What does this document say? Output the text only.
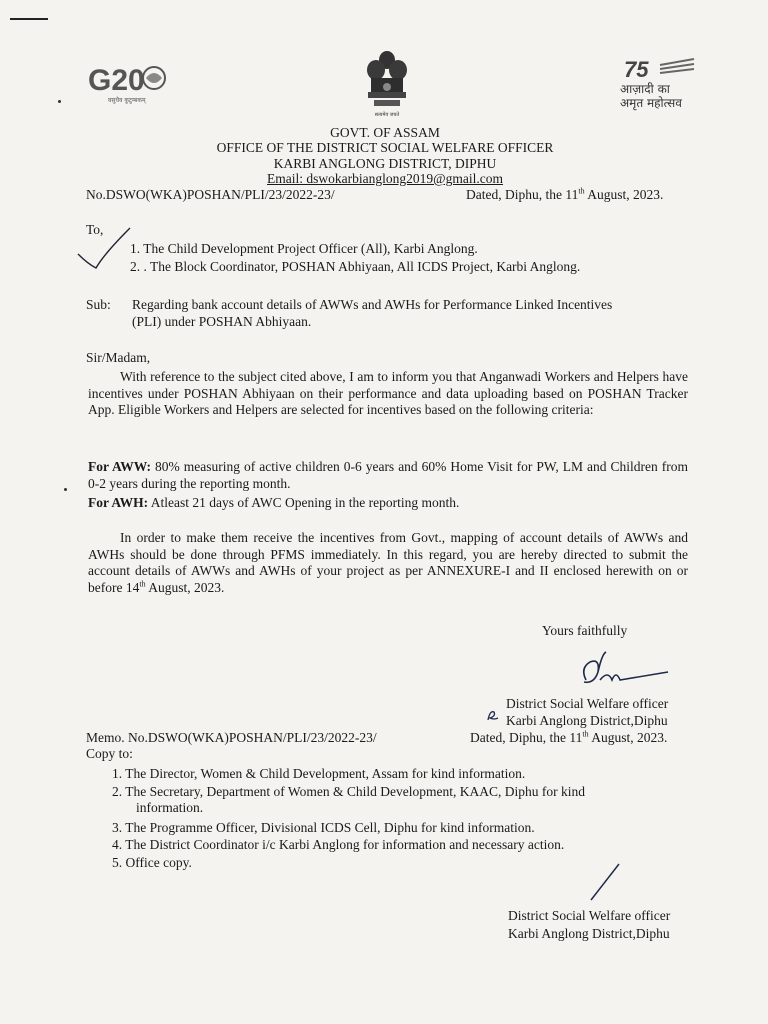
G20
वसुधैव कुटुम्बकम्
सत्यमेव जयते
75
आज़ादी का
अमृत महोत्सव
GOVT. OF ASSAM
OFFICE OF THE DISTRICT SOCIAL WELFARE OFFICER
KARBI ANGLONG DISTRICT, DIPHU
Email: dswokarbianglong2019@gmail.com
No.DSWO(WKA)POSHAN/PLI/23/2022-23/	Dated, Diphu, the 11th August, 2023.
To,
1. The Child Development Project Officer (All), Karbi Anglong.
2. . The Block Coordinator, POSHAN Abhiyaan, All ICDS Project, Karbi Anglong.
Sub: Regarding bank account details of AWWs and AWHs for Performance Linked Incentives
(PLI) under POSHAN Abhiyaan.
Sir/Madam,
With reference to the subject cited above, I am to inform you that Anganwadi Workers and Helpers have incentives under POSHAN Abhiyaan on their performance and data uploading based on POSHAN Tracker App. Eligible Workers and Helpers are selected for incentives based on the following criteria:
For AWW: 80% measuring of active children 0-6 years and 60% Home Visit for PW, LM and Children from 0-2 years during the reporting month.
For AWH: Atleast 21 days of AWC Opening in the reporting month.
In order to make them receive the incentives from Govt., mapping of account details of AWWs and AWHs should be done through PFMS immediately. In this regard, you are hereby directed to submit the account details of AWWs and AWHs of your project as per ANNEXURE-I and II enclosed herewith on or before 14th August, 2023.
Yours faithfully
District Social Welfare officer
Karbi Anglong District,Diphu
Memo. No.DSWO(WKA)POSHAN/PLI/23/2022-23/	Dated, Diphu, the 11th August, 2023.
Copy to:
1. The Director, Women & Child Development, Assam for kind information.
2. The Secretary, Department of Women & Child Development, KAAC, Diphu for kind
information.
3. The Programme Officer, Divisional ICDS Cell, Diphu for kind information.
4. The District Coordinator i/c Karbi Anglong for information and necessary action.
5. Office copy.
District Social Welfare officer
Karbi Anglong District,Diphu
